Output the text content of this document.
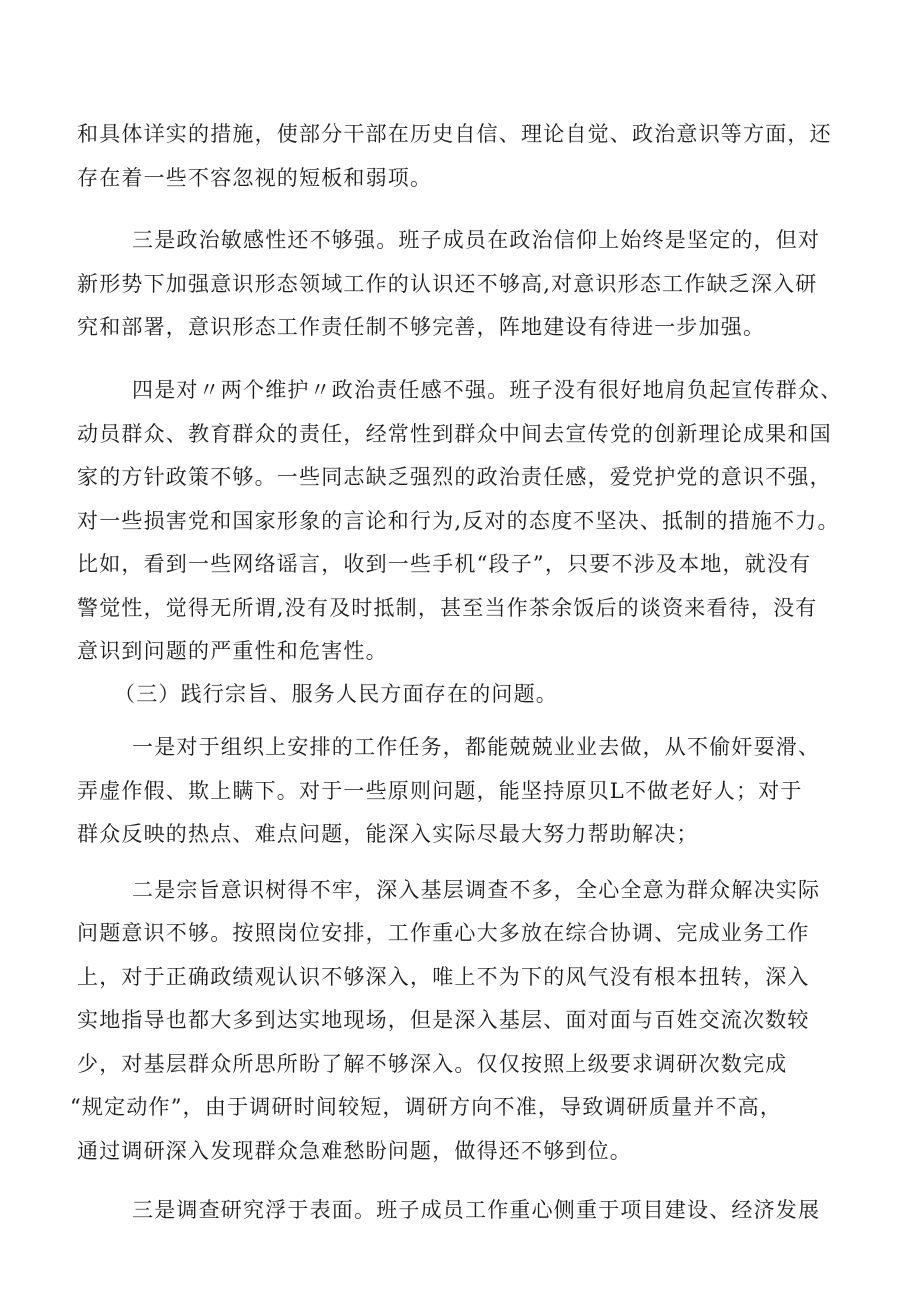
和具体详实的措施，使部分干部在历史自信、理论自觉、政治意识等方面，还
存在着一些不容忽视的短板和弱项。
三是政治敏感性还不够强。班子成员在政治信仰上始终是坚定的，但对
新形势下加强意识形态领域工作的认识还不够高,对意识形态工作缺乏深入研
究和部署，意识形态工作责任制不够完善，阵地建设有待进一步加强。
四是对〃两个维护〃政治责任感不强。班子没有很好地肩负起宣传群众、
动员群众、教育群众的责任，经常性到群众中间去宣传党的创新理论成果和国
家的方针政策不够。一些同志缺乏强烈的政治责任感，爱党护党的意识不强，
对一些损害党和国家形象的言论和行为,反对的态度不坚决、抵制的措施不力。
比如，看到一些网络谣言，收到一些手机“段子”，只要不涉及本地，就没有
警觉性，觉得无所谓,没有及时抵制，甚至当作茶余饭后的谈资来看待，没有
意识到问题的严重性和危害性。
（三）践行宗旨、服务人民方面存在的问题。
一是对于组织上安排的工作任务，都能兢兢业业去做，从不偷奸耍滑、
弄虚作假、欺上瞒下。对于一些原则问题，能坚持原贝L不做老好人；对于
群众反映的热点、难点问题，能深入实际尽最大努力帮助解决；
二是宗旨意识树得不牢，深入基层调查不多，全心全意为群众解决实际
问题意识不够。按照岗位安排，工作重心大多放在综合协调、完成业务工作
上，对于正确政绩观认识不够深入，唯上不为下的风气没有根本扭转，深入
实地指导也都大多到达实地现场，但是深入基层、面对面与百姓交流次数较
少，对基层群众所思所盼了解不够深入。仅仅按照上级要求调研次数完成
“规定动作”，由于调研时间较短，调研方向不准，导致调研质量并不高，
通过调研深入发现群众急难愁盼问题，做得还不够到位。
三是调查研究浮于表面。班子成员工作重心侧重于项目建设、经济发展
